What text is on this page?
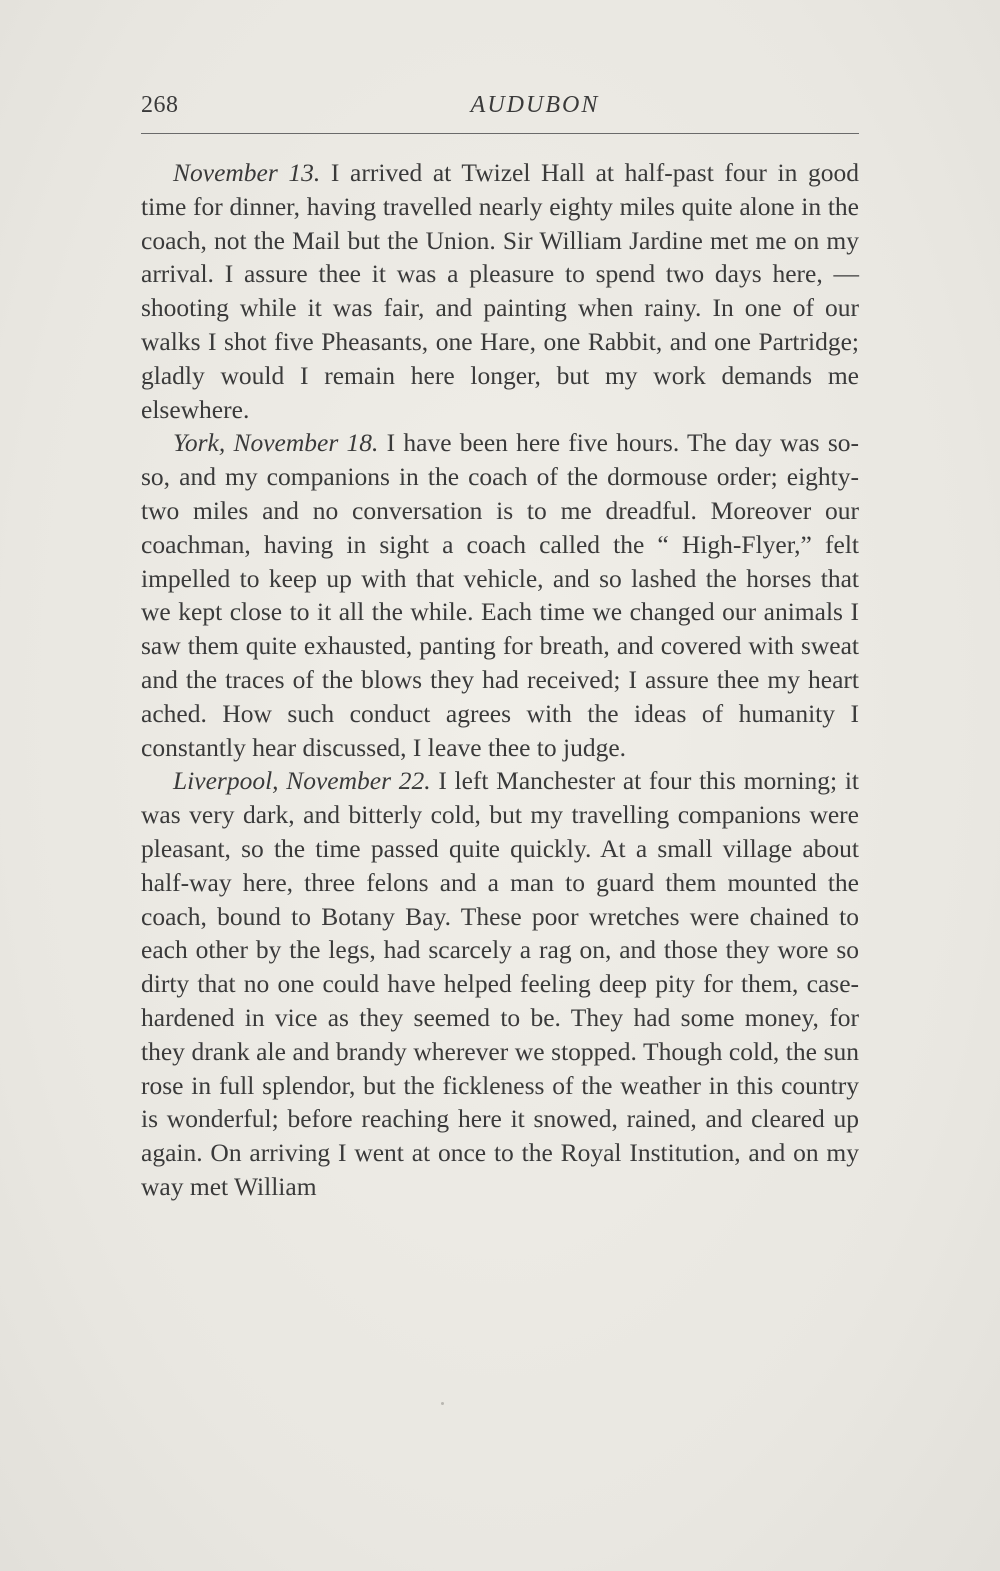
268	AUDUBON

November 13. I arrived at Twizel Hall at half-past four in good time for dinner, having travelled nearly eighty miles quite alone in the coach, not the Mail but the Union. Sir William Jardine met me on my arrival. I assure thee it was a pleasure to spend two days here, — shooting while it was fair, and painting when rainy. In one of our walks I shot five Pheasants, one Hare, one Rabbit, and one Partridge; gladly would I remain here longer, but my work demands me elsewhere.

York, November 18. I have been here five hours. The day was so-so, and my companions in the coach of the dormouse order; eighty-two miles and no conversation is to me dreadful. Moreover our coachman, having in sight a coach called the “ High-Flyer,” felt impelled to keep up with that vehicle, and so lashed the horses that we kept close to it all the while. Each time we changed our animals I saw them quite exhausted, panting for breath, and covered with sweat and the traces of the blows they had received; I assure thee my heart ached. How such conduct agrees with the ideas of humanity I constantly hear discussed, I leave thee to judge.

Liverpool, November 22. I left Manchester at four this morning; it was very dark, and bitterly cold, but my travelling companions were pleasant, so the time passed quite quickly. At a small village about half-way here, three felons and a man to guard them mounted the coach, bound to Botany Bay. These poor wretches were chained to each other by the legs, had scarcely a rag on, and those they wore so dirty that no one could have helped feeling deep pity for them, case-hardened in vice as they seemed to be. They had some money, for they drank ale and brandy wherever we stopped. Though cold, the sun rose in full splendor, but the fickleness of the weather in this country is wonderful; before reaching here it snowed, rained, and cleared up again. On arriving I went at once to the Royal Institution, and on my way met William
